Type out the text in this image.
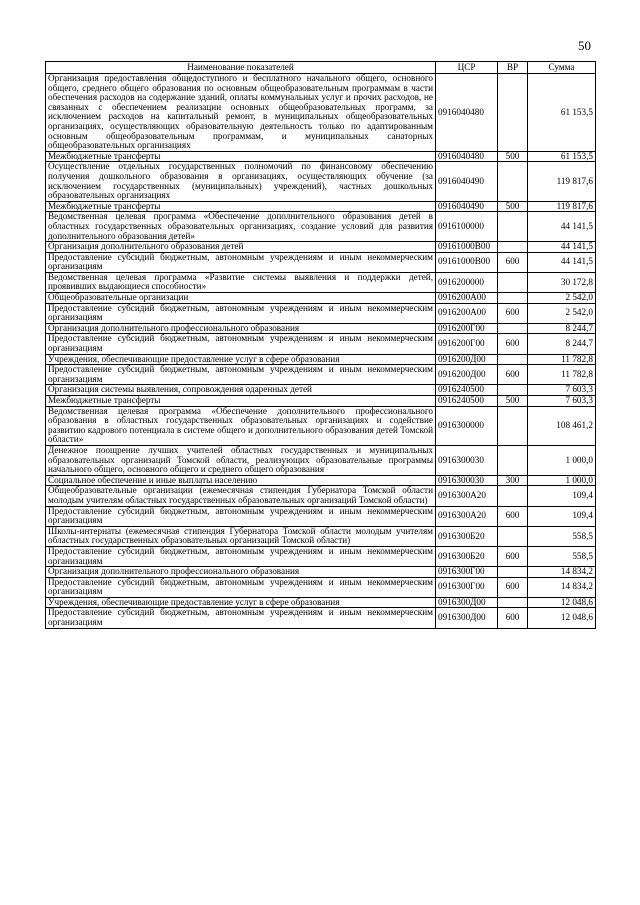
50
Наименование показателей	ЦСР	ВР	Сумма
Организация предоставления общедоступного и бесплатного начального общего, основного общего, среднего общего образования по основным общеобразовательным программам в части обеспечения расходов на содержание зданий, оплаты коммунальных услуг и прочих расходов, не связанных с обеспечением реализации основных общеобразовательных программ, за исключением расходов на капитальный ремонт, в муниципальных общеобразовательных организациях, осуществляющих образовательную деятельность только по адаптированным основным общеобразовательным программам, и муниципальных санаторных общеобразовательных организациях	0916040480		61 153,5
Межбюджетные трансферты	0916040480	500	61 153,5
Осуществление отдельных государственных полномочий по финансовому обеспечению получения дошкольного образования в организациях, осуществляющих обучение (за исключением государственных (муниципальных) учреждений), частных дошкольных образовательных организациях	0916040490		119 817,6
Межбюджетные трансферты	0916040490	500	119 817,6
Ведомственная целевая программа «Обеспечение дополнительного образования детей в областных государственных образовательных организациях, создание условий для развития дополнительного образования детей»	0916100000		44 141,5
Организация дополнительного образования детей	09161000В00		44 141,5
Предоставление субсидий бюджетным, автономным учреждениям и иным некоммерческим организациям	09161000В00	600	44 141,5
Ведомственная целевая программа «Развитие системы выявления и поддержки детей, проявивших выдающиеся способности»	0916200000		30 172,8
Общеобразовательные организации	0916200А00		2 542,0
Предоставление субсидий бюджетным, автономным учреждениям и иным некоммерческим организациям	0916200А00	600	2 542,0
Организация дополнительного профессионального образования	0916200Г00		8 244,7
Предоставление субсидий бюджетным, автономным учреждениям и иным некоммерческим организациям	0916200Г00	600	8 244,7
Учреждения, обеспечивающие предоставление услуг в сфере образования	0916200Д00		11 782,8
Предоставление субсидий бюджетным, автономным учреждениям и иным некоммерческим организациям	0916200Д00	600	11 782,8
Организация системы выявления, сопровождения одаренных детей	0916240500		7 603,3
Межбюджетные трансферты	0916240500	500	7 603,3
Ведомственная целевая программа «Обеспечение дополнительного профессионального образования в областных государственных образовательных организациях и содействие развитию кадрового потенциала в системе общего и дополнительного образования детей Томской области»	0916300000		108 461,2
Денежное поощрение лучших учителей областных государственных и муниципальных образовательных организаций Томской области, реализующих образовательные программы начального общего, основного общего и среднего общего образования	0916300030		1 000,0
Социальное обеспечение и иные выплаты населению	0916300030	300	1 000,0
Общеобразовательные организации (ежемесячная стипендия Губернатора Томской области молодым учителям областных государственных образовательных организаций Томской области)	0916300А20		109,4
Предоставление субсидий бюджетным, автономным учреждениям и иным некоммерческим организациям	0916300А20	600	109,4
Школы-интернаты (ежемесячная стипендия Губернатора Томской области молодым учителям областных государственных образовательных организаций Томской области)	0916300Б20		558,5
Предоставление субсидий бюджетным, автономным учреждениям и иным некоммерческим организациям	0916300Б20	600	558,5
Организация дополнительного профессионального образования	0916300Г00		14 834,2
Предоставление субсидий бюджетным, автономным учреждениям и иным некоммерческим организациям	0916300Г00	600	14 834,2
Учреждения, обеспечивающие предоставление услуг в сфере образования	0916300Д00		12 048,6
Предоставление субсидий бюджетным, автономным учреждениям и иным некоммерческим организациям	0916300Д00	600	12 048,6
